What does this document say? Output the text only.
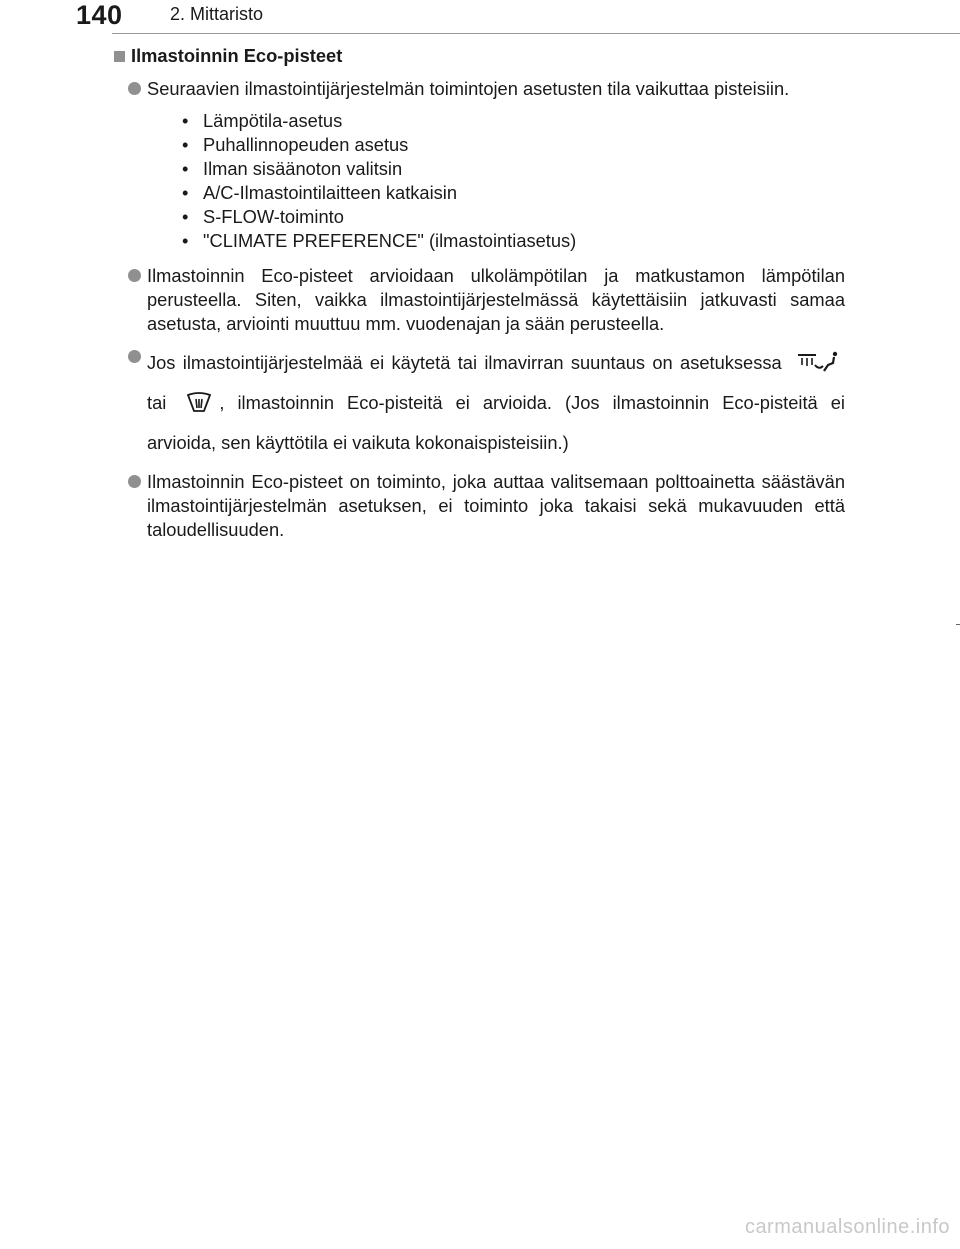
140	2. Mittaristo
Ilmastoinnin Eco-pisteet
Seuraavien ilmastointijärjestelmän toimintojen asetusten tila vaikuttaa pisteisiin.
• Lämpötila-asetus
• Puhallinnopeuden asetus
• Ilman sisäänoton valitsin
• A/C-Ilmastointilaitteen katkaisin
• S-FLOW-toiminto
• "CLIMATE PREFERENCE" (ilmastointiasetus)
Ilmastoinnin Eco-pisteet arvioidaan ulkolämpötilan ja matkustamon lämpötilan perusteella. Siten, vaikka ilmastointijärjestelmässä käytettäisiin jatkuvasti samaa asetusta, arviointi muuttuu mm. vuodenajan ja sään perusteella.
Jos ilmastointijärjestelmää ei käytetä tai ilmavirran suuntaus on asetuksessa  tai	, ilmastoinnin Eco-pisteitä ei arvioida. (Jos ilmastoinnin Eco-pisteitä ei arvioida, sen käyttötila ei vaikuta kokonaispisteisiin.)
Ilmastoinnin Eco-pisteet on toiminto, joka auttaa valitsemaan polttoainetta säästävän ilmastointijärjestelmän asetuksen, ei toiminto joka takaisi sekä mukavuuden että taloudellisuuden.
carmanualsonline.info
